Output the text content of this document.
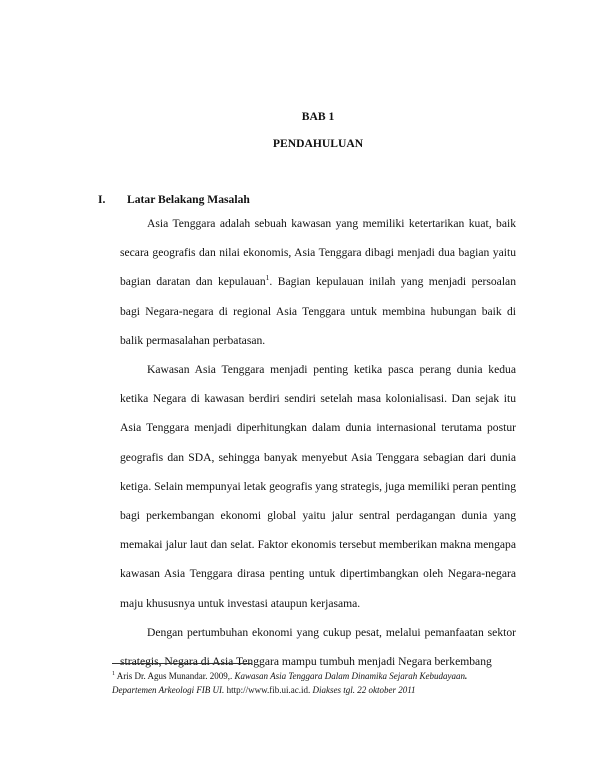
BAB 1
PENDAHULUAN
I. Latar Belakang Masalah

Asia Tenggara adalah sebuah kawasan yang memiliki ketertarikan kuat, baik secara geografis dan nilai ekonomis, Asia Tenggara dibagi menjadi dua bagian yaitu bagian daratan dan kepulauan$^1$. Bagian kepulauan inilah yang menjadi persoalan bagi Negara-negara di regional Asia Tenggara untuk membina hubungan baik di balik permasalahan perbatasan.

Kawasan Asia Tenggara menjadi penting ketika pasca perang dunia kedua ketika Negara di kawasan berdiri sendiri setelah masa kolonialisasi. Dan sejak itu Asia Tenggara menjadi diperhitungkan dalam dunia internasional terutama postur geografis dan SDA, sehingga banyak menyebut Asia Tenggara sebagian dari dunia ketiga. Selain mempunyai letak geografis yang strategis, juga memiliki peran penting bagi perkembangan ekonomi global yaitu jalur sentral perdagangan dunia yang memakai jalur laut dan selat. Faktor ekonomis tersebut memberikan makna mengapa kawasan Asia Tenggara dirasa penting untuk dipertimbangkan oleh Negara-negara maju khususnya untuk investasi ataupun kerjasama.

Dengan pertumbuhan ekonomi yang cukup pesat, melalui pemanfaatan sektor strategis, Negara di Asia Tenggara mampu tumbuh menjadi Negara berkembang

$^1$ Aris Dr. Agus Munandar. 2009,. Kawasan Asia Tenggara Dalam Dinamika Sejarah Kebudayaan.
Departemen Arkeologi FIB UI. http://www.fib.ui.ac.id. Diakses tgl. 22 oktober 2011
